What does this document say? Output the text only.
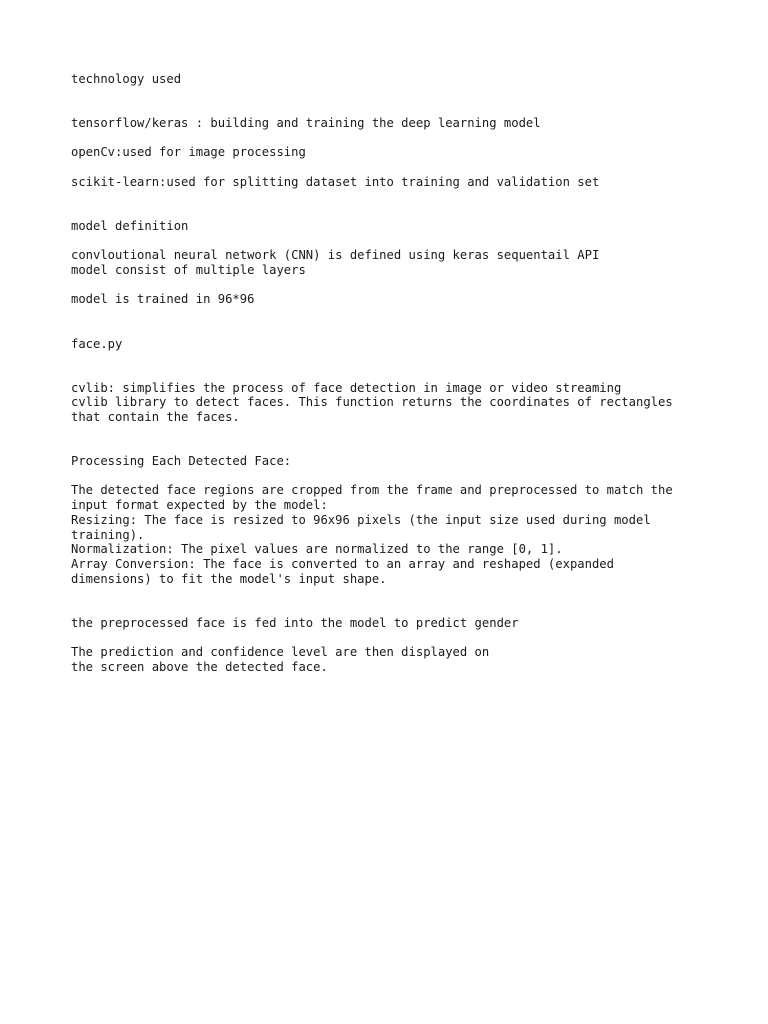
technology used
tensorflow/keras : building and training the deep learning model
openCv:used for image processing
scikit-learn:used for splitting dataset into training and validation set
model definition
convloutional neural network (CNN) is defined using keras sequentail API
model consist of multiple layers
model is trained in 96*96
face.py
cvlib: simplifies the process of face detection in image or video streaming
cvlib library to detect faces. This function returns the coordinates of rectangles
that contain the faces.
Processing Each Detected Face:
The detected face regions are cropped from the frame and preprocessed to match the
input format expected by the model:
Resizing: The face is resized to 96x96 pixels (the input size used during model
training).
Normalization: The pixel values are normalized to the range [0, 1].
Array Conversion: The face is converted to an array and reshaped (expanded
dimensions) to fit the model's input shape.
the preprocessed face is fed into the model to predict gender
The prediction and confidence level are then displayed on
the screen above the detected face.
